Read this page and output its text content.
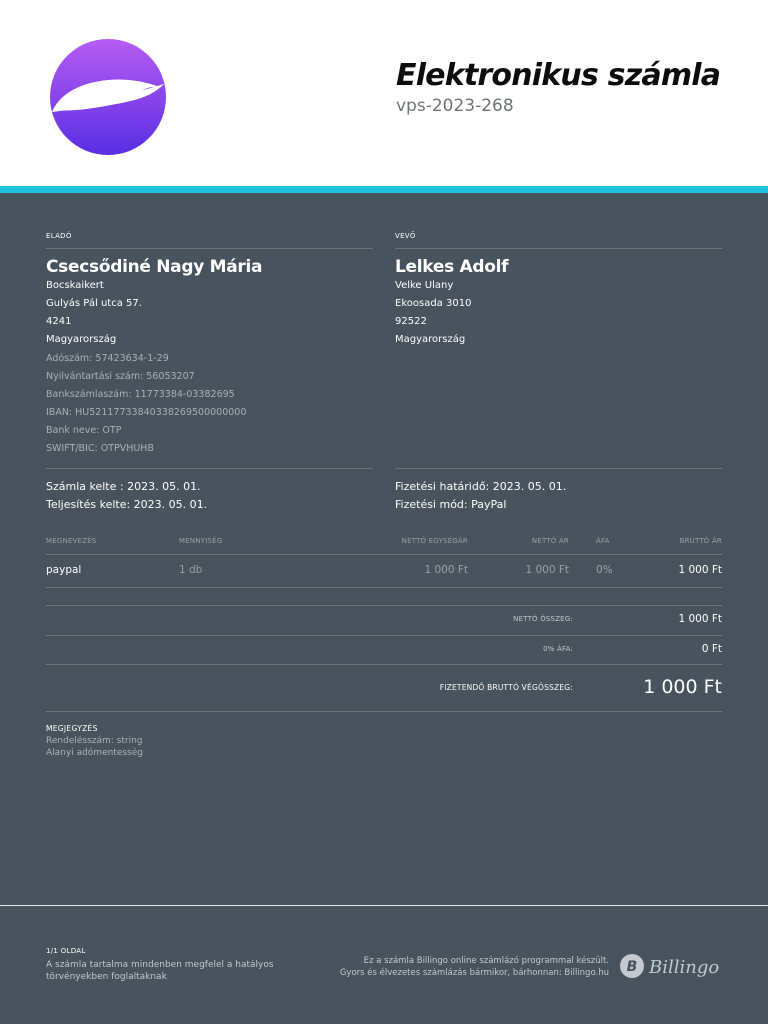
Elektronikus számla
vps-2023-268
ELADÓ
Csecsődiné Nagy Mária
Bocskaikert
Gulyás Pál utca 57.
4241
Magyarország
Adószám: 57423634-1-29
Nyilvántartási szám: 56053207
Bankszámlaszám: 11773384-03382695
IBAN: HU52117733840338269500000000
Bank neve: OTP
SWIFT/BIC: OTPVHUHB
VEVŐ
Lelkes Adolf
Velke Ulany
Ekoosada 3010
92522
Magyarország
Számla kelte : 2023. 05. 01.
Teljesítés kelte: 2023. 05. 01.
Fizetési határidő: 2023. 05. 01.
Fizetési mód: PayPal
MEGNEVEZÉS	MENNYISÉG	NETTÓ EGYSÉGÁR	NETTÓ ÁR	ÁFA	BRUTTÓ ÁR
paypal	1 db	1 000 Ft	1 000 Ft	0%	1 000 Ft
NETTÓ ÖSSZEG:	1 000 Ft
0% ÁFA:	0 Ft
FIZETENDŐ BRUTTÓ VÉGÖSSZEG:	1 000 Ft
MEGJEGYZÉS
Rendelésszám: string
Alanyi adómentesség
1/1 OLDAL
A számla tartalma mindenben megfelel a hatályos
törvényekben foglaltaknak
Ez a számla Billingo online számlázó programmal készült.
Gyors és élvezetes számlázás bármikor, bárhonnan: Billingo.hu B Billingo
